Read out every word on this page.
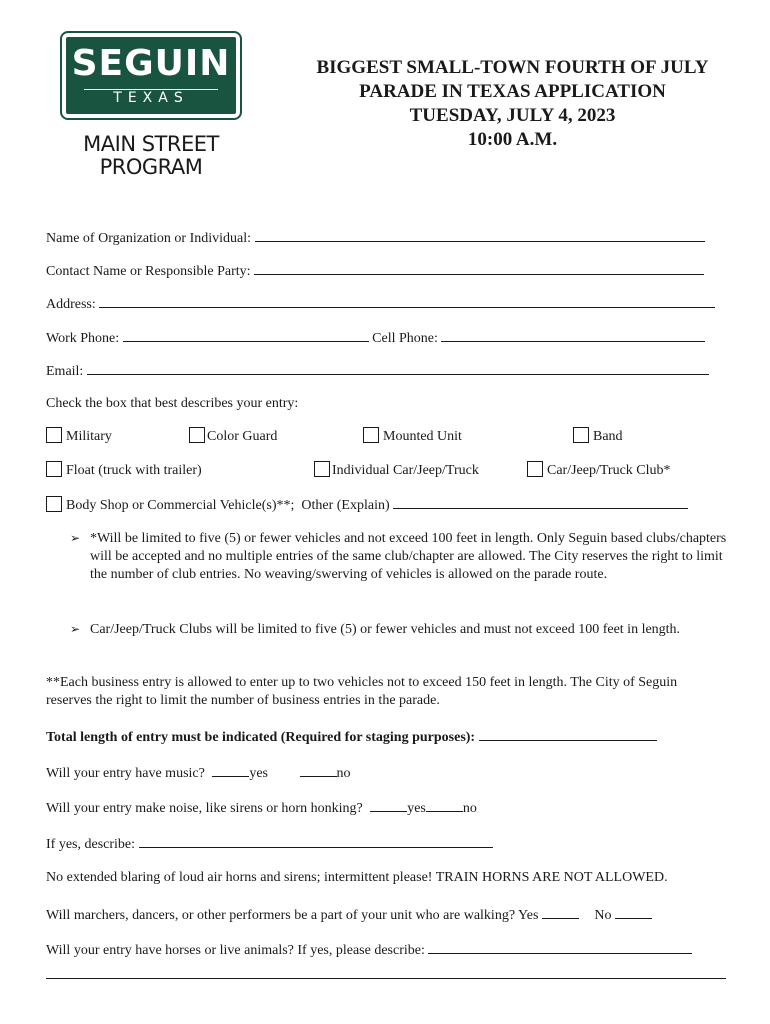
SEGUIN
TEXAS
MAIN STREET
PROGRAM
BIGGEST SMALL-TOWN FOURTH OF JULY
PARADE IN TEXAS APPLICATION
TUESDAY, JULY 4, 2023
10:00 A.M.
Name of Organization or Individual:
Contact Name or Responsible Party:
Address:
Work Phone:	Cell Phone:
Email:
Check the box that best describes your entry:
Military	Color Guard	Mounted Unit	Band
Float (truck with trailer)	Individual Car/Jeep/Truck	Car/Jeep/Truck Club*
Body Shop or Commercial Vehicle(s)**; Other (Explain)
➢ *Will be limited to five (5) or fewer vehicles and not exceed 100 feet in length. Only Seguin based clubs/chapters will be accepted and no multiple entries of the same club/chapter are allowed. The City reserves the right to limit the number of club entries. No weaving/swerving of vehicles is allowed on the parade route.
➢ Car/Jeep/Truck Clubs will be limited to five (5) or fewer vehicles and must not exceed 100 feet in length.
**Each business entry is allowed to enter up to two vehicles not to exceed 150 feet in length. The City of Seguin reserves the right to limit the number of business entries in the parade.
Total length of entry must be indicated (Required for staging purposes):
Will your entry have music?	yes	no
Will your entry make noise, like sirens or horn honking?	yes	no
If yes, describe:
No extended blaring of loud air horns and sirens; intermittent please! TRAIN HORNS ARE NOT ALLOWED.
Will marchers, dancers, or other performers be a part of your unit who are walking? Yes	No
Will your entry have horses or live animals? If yes, please describe:
